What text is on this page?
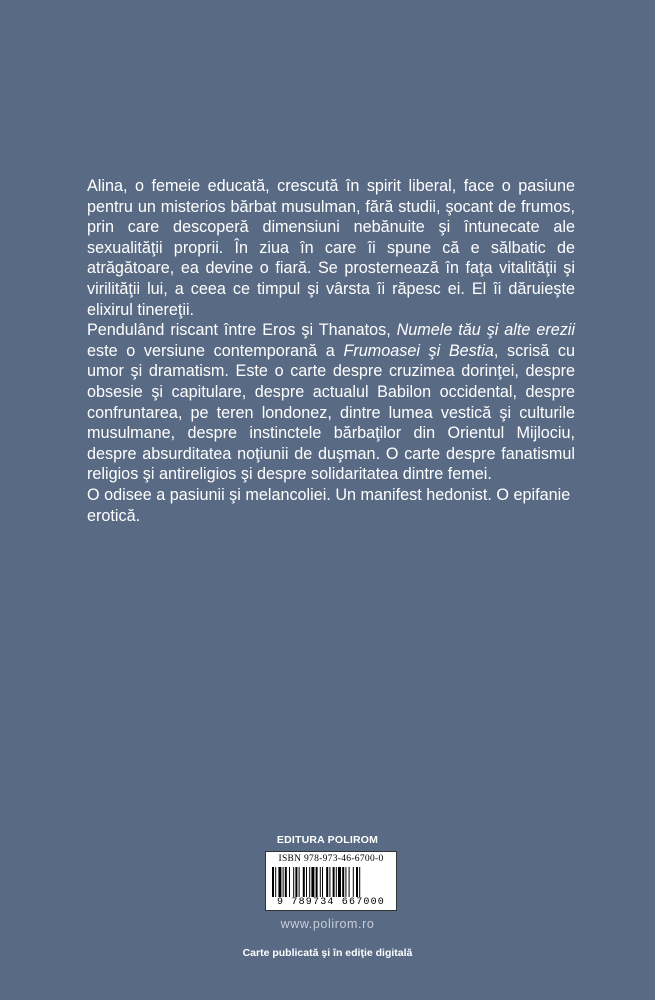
Alina, o femeie educată, crescută în spirit liberal, face o pasiune pentru un misterios bărbat musulman, fără studii, şocant de frumos, prin care descoperă dimensiuni nebănuite şi întunecate ale sexualităţii proprii. În ziua în care îi spune că e sălbatic de atrăgătoare, ea devine o fiară. Se prosternează în faţa vitalităţii şi virilităţii lui, a ceea ce timpul şi vârsta îi răpesc ei. El îi dăruieşte elixirul tinereţii.

Pendulând riscant între Eros şi Thanatos, Numele tău şi alte erezii este o versiune contemporană a Frumoasei şi Bestia, scrisă cu umor şi dramatism. Este o carte despre cruzimea dorinţei, despre obsesie şi capitulare, despre actualul Babilon occidental, despre confruntarea, pe teren londonez, dintre lumea vestică şi culturile musulmane, despre instinctele bărbaţilor din Orientul Mijlociu, despre absurditatea noţiunii de duşman. O carte despre fanatismul religios şi antireligios şi despre solidaritatea dintre femei.

O odisee a pasiunii şi melancoliei. Un manifest hedonist. O epifanie erotică.

EDITURA POLIROM
ISBN 978-973-46-6700-0
9 789734 667000
www.polirom.ro
Carte publicată şi în ediţie digitală
